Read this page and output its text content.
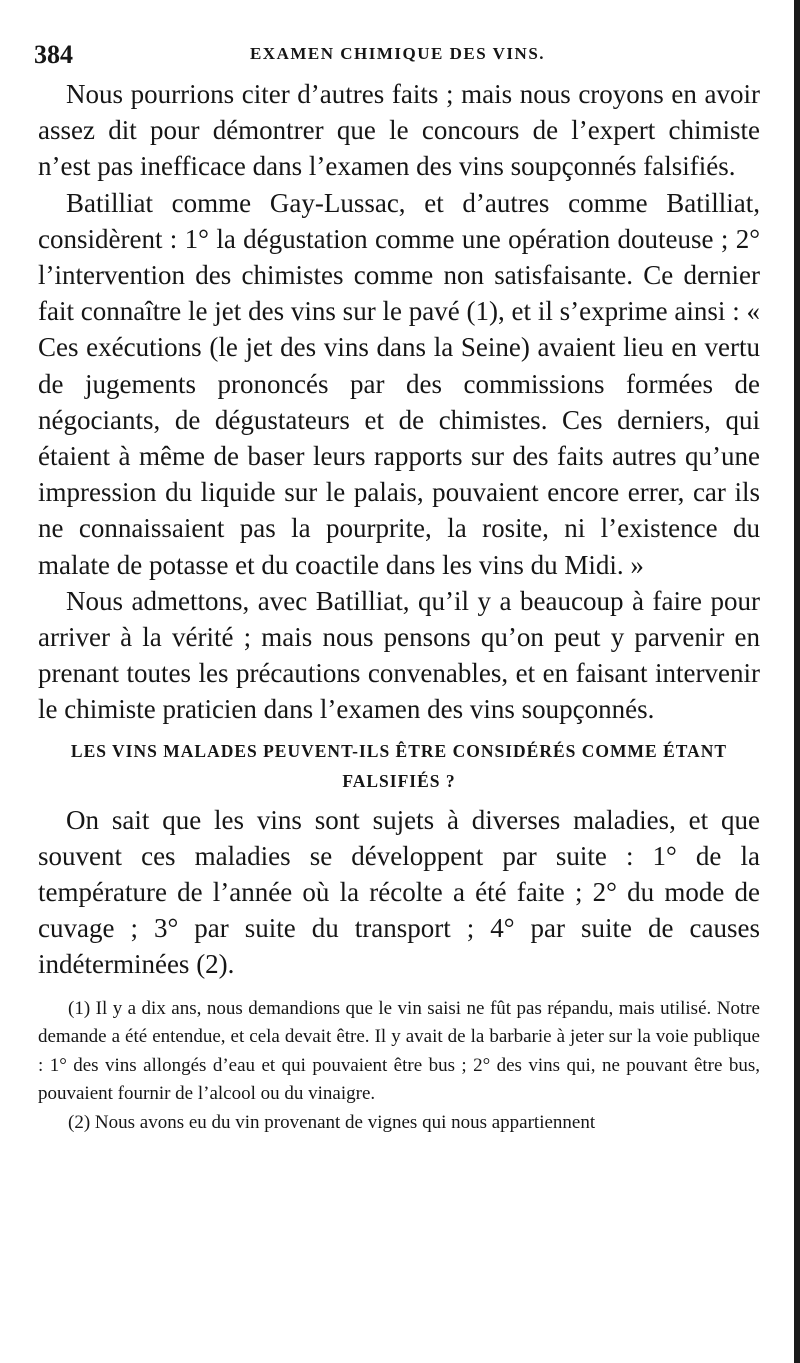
384	EXAMEN CHIMIQUE DES VINS.

Nous pourrions citer d’autres faits ; mais nous croyons en avoir assez dit pour démontrer que le concours de l’expert chimiste n’est pas inefficace dans l’examen des vins soupçonnés falsifiés.

Batilliat comme Gay-Lussac, et d’autres comme Batilliat, considèrent : 1° la dégustation comme une opération douteuse ; 2° l’intervention des chimistes comme non satisfaisante. Ce dernier fait connaître le jet des vins sur le pavé (1), et il s’exprime ainsi : « Ces exécutions (le jet des vins dans la Seine) avaient lieu en vertu de jugements prononcés par des commissions formées de négociants, de dégustateurs et de chimistes. Ces derniers, qui étaient à même de baser leurs rapports sur des faits autres qu’une impression du liquide sur le palais, pouvaient encore errer, car ils ne connaissaient pas la pourprite, la rosite, ni l’existence du malate de potasse et du coactile dans les vins du Midi. »

Nous admettons, avec Batilliat, qu’il y a beaucoup à faire pour arriver à la vérité ; mais nous pensons qu’on peut y parvenir en prenant toutes les précautions convenables, et en faisant intervenir le chimiste praticien dans l’examen des vins soupçonnés.

LES VINS MALADES PEUVENT-ILS ÊTRE CONSIDÉRÉS COMME ÉTANT FALSIFIÉS ?

On sait que les vins sont sujets à diverses maladies, et que souvent ces maladies se développent par suite : 1° de la température de l’année où la récolte a été faite ; 2° du mode de cuvage ; 3° par suite du transport ; 4° par suite de causes indéterminées (2).

(1) Il y a dix ans, nous demandions que le vin saisi ne fût pas répandu, mais utilisé. Notre demande a été entendue, et cela devait être. Il y avait de la barbarie à jeter sur la voie publique : 1° des vins allongés d’eau et qui pouvaient être bus ; 2° des vins qui, ne pouvant être bus, pouvaient fournir de l’alcool ou du vinaigre.

(2) Nous avons eu du vin provenant de vignes qui nous appartiennent
